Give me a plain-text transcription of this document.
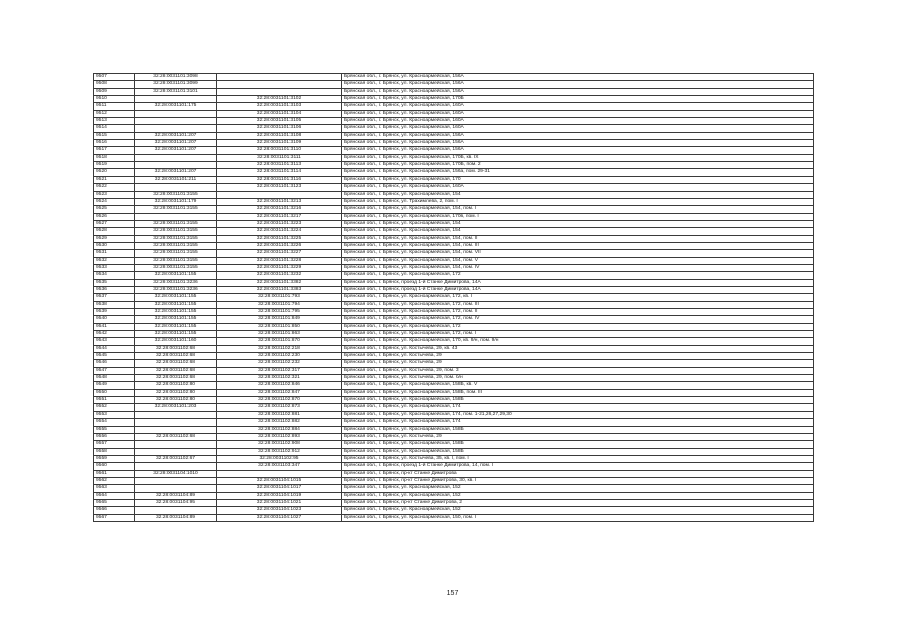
9507	32:28:0031101:3098		Брянская обл., г. Брянск, ул. Красноармейская, 156А
9508	32:28:0031101:3099		Брянская обл., г. Брянск, ул. Красноармейская, 156А
9509	32:28:0031101:3101		Брянская обл., г. Брянск, ул. Красноармейская, 156А
9510		32:28:0031101:3102	Брянская обл., г. Брянск, ул. Красноармейская, 170Б
9511	32:28:0031101:175	32:28:0031101:3103	Брянская обл., г. Брянск, ул. Красноармейская, 160А
9512		32:28:0031101:3104	Брянская обл., г. Брянск, ул. Красноармейская, 160А
9513		32:28:0031101:3105	Брянская обл., г. Брянск, ул. Красноармейская, 160А
9514		32:28:0031101:3106	Брянская обл., г. Брянск, ул. Красноармейская, 160А
9515	32:28:0031101:207	32:28:0031101:3108	Брянская обл., г. Брянск, ул. Красноармейская, 156А
9516	32:28:0031101:207	32:28:0031101:3109	Брянская обл., г. Брянск, ул. Красноармейская, 156А
9517	32:28:0031101:207	32:28:0031101:3110	Брянская обл., г. Брянск, ул. Красноармейская, 156А
9518		32:28:0031101:3111	Брянская обл., г. Брянск, ул. Красноармейская, 170Б, кв. IX
9519		32:28:0031101:3113	Брянская обл., г. Брянск, ул. Красноармейская, 170Б, пом. 2
9520	32:28:0031101:207	32:28:0031101:3114	Брянская обл., г. Брянск, ул. Красноармейская, 156а, пом. 29-31
9521	32:28:0031101:211	32:28:0031101:3116	Брянская обл., г. Брянск, ул. Красноармейская, 170
9522		32:28:0031101:3123	Брянская обл., г. Брянск, ул. Красноармейская, 160А
9523	32:28:0031101:3155		Брянская обл., г. Брянск, ул. Красноармейская, 154
9524	32:28:0031101:179	32:28:0031101:3213	Брянская обл., г. Брянск, ул. Трахимлева, 2, пом. I
9525	32:28:0031101:3155	32:28:0031101:3216	Брянская обл., г. Брянск, ул. Красноармейская, 154, пом. I
9526		32:28:0031101:3217	Брянская обл., г. Брянск, ул. Красноармейская, 170в, пом. I
9527	32:28:0031101:3155	32:28:0031101:3223	Брянская обл., г. Брянск, ул. Красноармейская, 154
9528	32:28:0031101:3155	32:28:0031101:3224	Брянская обл., г. Брянск, ул. Красноармейская, 154
9529	32:28:0031101:3155	32:28:0031101:3225	Брянская обл., г. Брянск, ул. Красноармейская, 154, пом. II
9530	32:28:0031101:3155	32:28:0031101:3226	Брянская обл., г. Брянск, ул. Красноармейская, 154, пом. III
9531	32:28:0031101:3155	32:28:0031101:3227	Брянская обл., г. Брянск, ул. Красноармейская, 154, пом. VII
9532	32:28:0031101:3155	32:28:0031101:3228	Брянская обл., г. Брянск, ул. Красноармейская, 154, пом. V
9533	32:28:0031101:3155	32:28:0031101:3229	Брянская обл., г. Брянск, ул. Красноармейская, 154, пом. IV
9534	32:28:0031101:155	32:28:0031101:3232	Брянская обл., г. Брянск, ул. Красноармейская, 172
9535	32:28:0031101:3236	32:28:0031101:3382	Брянская обл., г. Брянск, проезд 1-й Станке Димитрова, 14А
9536	32:28:0031101:3236	32:28:0031101:3383	Брянская обл., г. Брянск, проезд 1-й Станке Димитрова, 14А
9537	32:28:0031101:155	32:28:0031101:793	Брянская обл., г. Брянск, ул. Красноармейская, 172, кв. I
9538	32:28:0031101:155	32:28:0031101:794	Брянская обл., г. Брянск, ул. Красноармейская, 172, пом. III
9539	32:28:0031101:155	32:28:0031101:795	Брянская обл., г. Брянск, ул. Красноармейская, 172, пом. II
9540	32:28:0031101:155	32:28:0031101:849	Брянская обл., г. Брянск, ул. Красноармейская, 172, пом. IV
9541	32:28:0031101:155	32:28:0031101:850	Брянская обл., г. Брянск, ул. Красноармейская, 172
9542	32:28:0031101:155	32:28:0031101:863	Брянская обл., г. Брянск, ул. Красноармейская, 172, пом. I
9543	32:28:0031101:160	32:28:0031101:870	Брянская обл., г. Брянск, ул. Красноармейская, 170, кв. 9/н, пом. 9/н
9544	32:28:0031102:68	32:28:0031102:218	Брянская обл., г. Брянск, ул. Костычева, 29, кв. 43
9545	32:28:0031102:68	32:28:0031102:230	Брянская обл., г. Брянск, ул. Костычева, 29
9546	32:28:0031102:68	32:28:0031102:232	Брянская обл., г. Брянск, ул. Костычева, 29
9547	32:28:0031102:68	32:28:0031102:317	Брянская обл., г. Брянск, ул. Костычева, 29, пом. 3
9548	32:28:0031102:68	32:28:0031102:321	Брянская обл., г. Брянск, ул. Костычева, 29, пом. б/н
9549	32:28:0031102:80	32:28:0031102:846	Брянская обл., г. Брянск, ул. Красноармейская, 158Б, кв. V
9550	32:28:0031102:80	32:28:0031102:847	Брянская обл., г. Брянск, ул. Красноармейская, 158Б, пом. III
9551	32:28:0031102:80	32:28:0031102:870	Брянская обл., г. Брянск, ул. Красноармейская, 158Б
9552	32:28:0031101:203	32:28:0031102:873	Брянская обл., г. Брянск, ул. Красноармейская, 174
9553		32:28:0031102:881	Брянская обл., г. Брянск, ул. Красноармейская, 174, пом. 1-21,26,27,29,30
9554		32:28:0031102:882	Брянская обл., г. Брянск, ул. Красноармейская, 174
9555		32:28:0031102:884	Брянская обл., г. Брянск, ул. Красноармейская, 158Б
9556	32:28:0031102:68	32:28:0031102:893	Брянская обл., г. Брянск, ул. Костычева, 29
9557		32:28:0031102:908	Брянская обл., г. Брянск, ул. Красноармейская, 158Б
9558		32:28:0031102:912	Брянская обл., г. Брянск, ул. Красноармейская, 158Б
9559	32:28:0031102:67	32:28:0031102:95	Брянская обл., г. Брянск, ул. Костычева, 35, кв. I, пом. I
9560		32:28:0031103:347	Брянская обл., г. Брянск, проезд 1-й Станке Димитрова, 14, пом. I
9561	32:28:0031104:1010		Брянская обл., г. Брянск, пр-кт Станке Димитрова
9562		32:28:0031104:1015	Брянская обл., г. Брянск, пр-кт Станке Димитрова, 30, кв. I
9563		32:28:0031104:1017	Брянская обл., г. Брянск, ул. Красноармейская, 152
9564	32:28:0031104:89	32:28:0031104:1019	Брянская обл., г. Брянск, ул. Красноармейская, 152
9565	32:28:0031104:95	32:28:0031104:1021	Брянская обл., г. Брянск, пр-кт Станке Димитрова, 2
9566		32:28:0031104:1023	Брянская обл., г. Брянск, ул. Красноармейская, 152
9567	32:28:0031104:89	32:28:0031104:1027	Брянская обл., г. Брянск, ул. Красноармейская, 150, пом. I
157
